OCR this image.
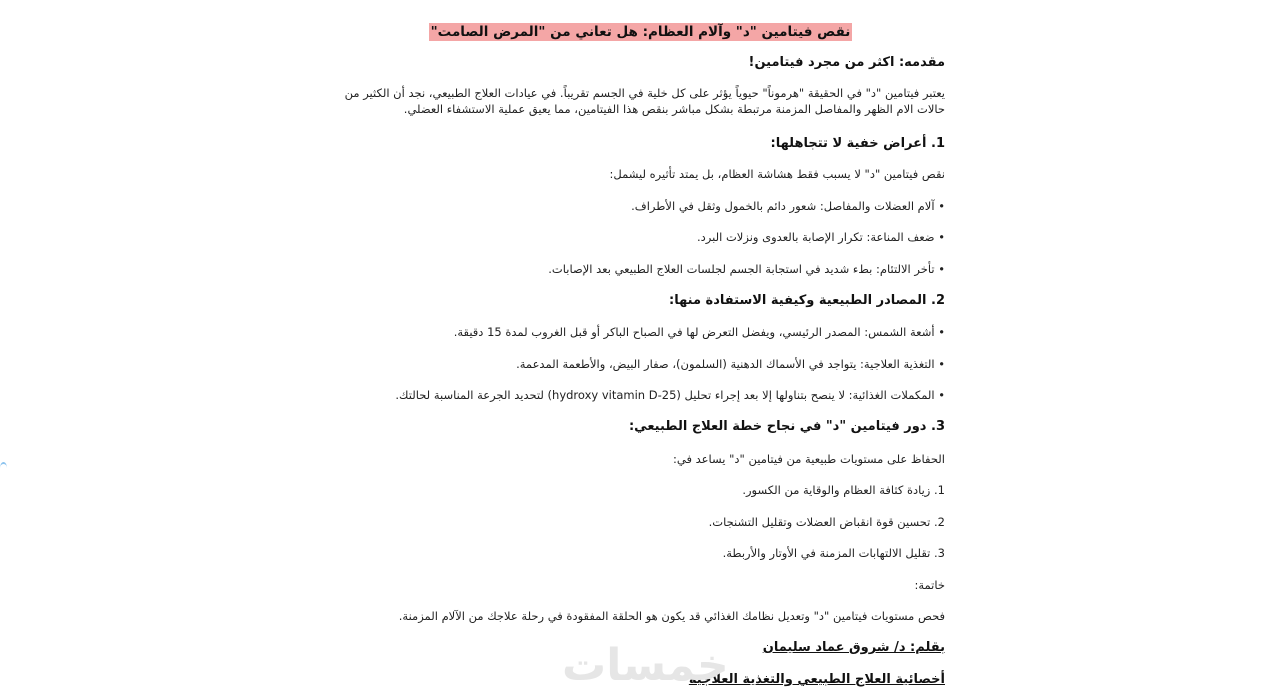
نقص فيتامين "د" وآلام العظام: هل تعاني من "المرض الصامت"
مقدمه: اكثر من مجرد فيتامين!
يعتبر فيتامين "د" في الحقيقة "هرموناً" حيوياً يؤثر على كل خلية في الجسم تقريباً. في عيادات العلاج الطبيعي، نجد أن الكثير من حالات الام الظهر والمفاصل المزمنة مرتبطة بشكل مباشر بنقص هذا الفيتامين، مما يعيق عملية الاستشفاء العضلي.
1. أعراض خفية لا تتجاهلها:
نقص فيتامين "د" لا يسبب فقط هشاشة العظام، بل يمتد تأثيره ليشمل:
• آلام العضلات والمفاصل: شعور دائم بالخمول وثقل في الأطراف.
• ضعف المناعة: تكرار الإصابة بالعدوى ونزلات البرد.
• تأخر الالتئام: بطء شديد في استجابة الجسم لجلسات العلاج الطبيعي بعد الإصابات.
2. المصادر الطبيعية وكيفية الاستفادة منها:
• أشعة الشمس: المصدر الرئيسي، ويفضل التعرض لها في الصباح الباكر أو قبل الغروب لمدة 15 دقيقة.
• التغذية العلاجية: يتواجد في الأسماك الدهنية (السلمون)، صفار البيض، والأطعمة المدعمة.
• المكملات الغذائية: لا ينصح بتناولها إلا بعد إجراء تحليل (25-hydroxy vitamin D) لتحديد الجرعة المناسبة لحالتك.
3. دور فيتامين "د" في نجاح خطة العلاج الطبيعي:
الحفاظ على مستويات طبيعية من فيتامين "د" يساعد في:
1. زيادة كثافة العظام والوقاية من الكسور.
2. تحسين قوة انقباض العضلات وتقليل التشنجات.
3. تقليل الالتهابات المزمنة في الأوتار والأربطة.
خاتمة:
فحص مستويات فيتامين "د" وتعديل نظامك الغذائي قد يكون هو الحلقة المفقودة في رحلة علاجك من الآلام المزمنة.
بقلم: د/ شروق عماد سليمان
أخصائية العلاج الطبيعي والتغذية العلاجية
خمسات
